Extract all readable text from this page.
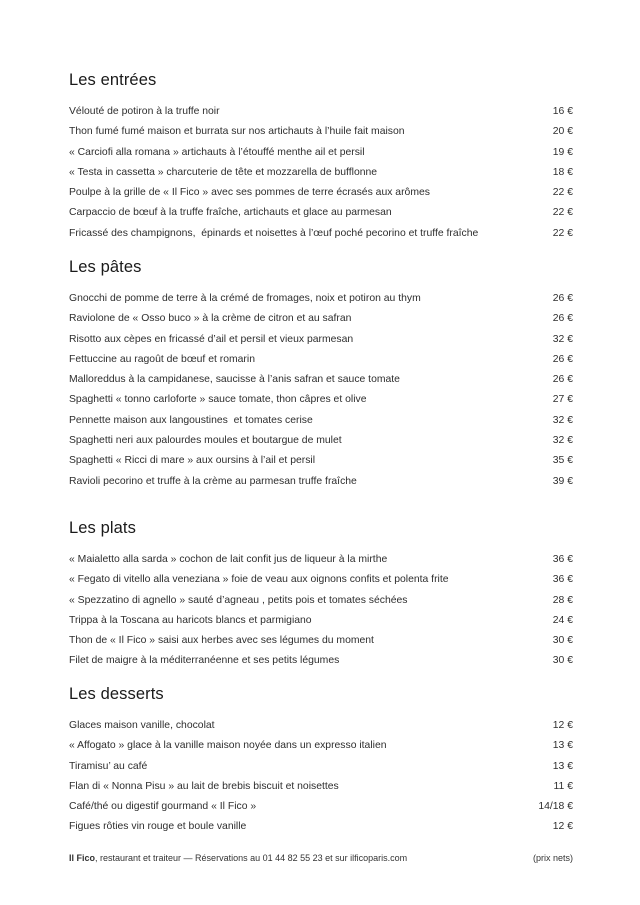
Les entrées
Vélouté de potiron à la truffe noir	16 €
Thon fumé fumé maison et burrata sur nos artichauts à l’huile fait maison	20 €
« Carciofi alla romana » artichauts à l’étouffé menthe ail et persil	19 €
« Testa in cassetta » charcuterie de tête et mozzarella de bufflonne	18 €
Poulpe à la grille de « Il Fico » avec ses pommes de terre écrasés aux arômes	22 €
Carpaccio de bœuf à la truffe fraîche, artichauts et glace au parmesan	22 €
Fricassé des champignons,  épinards et noisettes à l’œuf poché pecorino et truffe fraîche	22 €
Les pâtes
Gnocchi de pomme de terre à la crémé de fromages, noix et potiron au thym	26 €
Raviolone de « Osso buco » à la crème de citron et au safran	26 €
Risotto aux cèpes en fricassé d’ail et persil et vieux parmesan	32 €
Fettuccine au ragoût de bœuf et romarin	26 €
Malloreddus à la campidanese, saucisse à l’anis safran et sauce tomate	26 €
Spaghetti « tonno carloforte » sauce tomate, thon câpres et olive	27 €
Pennette maison aux langoustines  et tomates cerise	32 €
Spaghetti neri aux palourdes moules et boutargue de mulet	32 €
Spaghetti « Ricci di mare » aux oursins à l’ail et persil	35 €
Ravioli pecorino et truffe à la crème au parmesan truffe fraîche	39 €
Les plats
« Maialetto alla sarda » cochon de lait confit jus de liqueur à la mirthe	36 €
« Fegato di vitello alla veneziana » foie de veau aux oignons confits et polenta frite	36 €
« Spezzatino di agnello » sauté d’agneau , petits pois et tomates séchées	28 €
Trippa à la Toscana au haricots blancs et parmigiano	24 €
Thon de « Il Fico » saisi aux herbes avec ses légumes du moment	30 €
Filet de maigre à la méditerranéenne et ses petits légumes	30 €
Les desserts
Glaces maison vanille, chocolat	12 €
« Affogato » glace à la vanille maison noyée dans un expresso italien	13 €
Tiramisu’ au café	13 €
Flan di « Nonna Pisu » au lait de brebis biscuit et noisettes	11 €
Café/thé ou digestif gourmand « Il Fico »	14/18 €
Figues rôties vin rouge et boule vanille	12 €
Il Fico, restaurant et traiteur — Réservations au 01 44 82 55 23 et sur ilficoparis.com	(prix nets)
